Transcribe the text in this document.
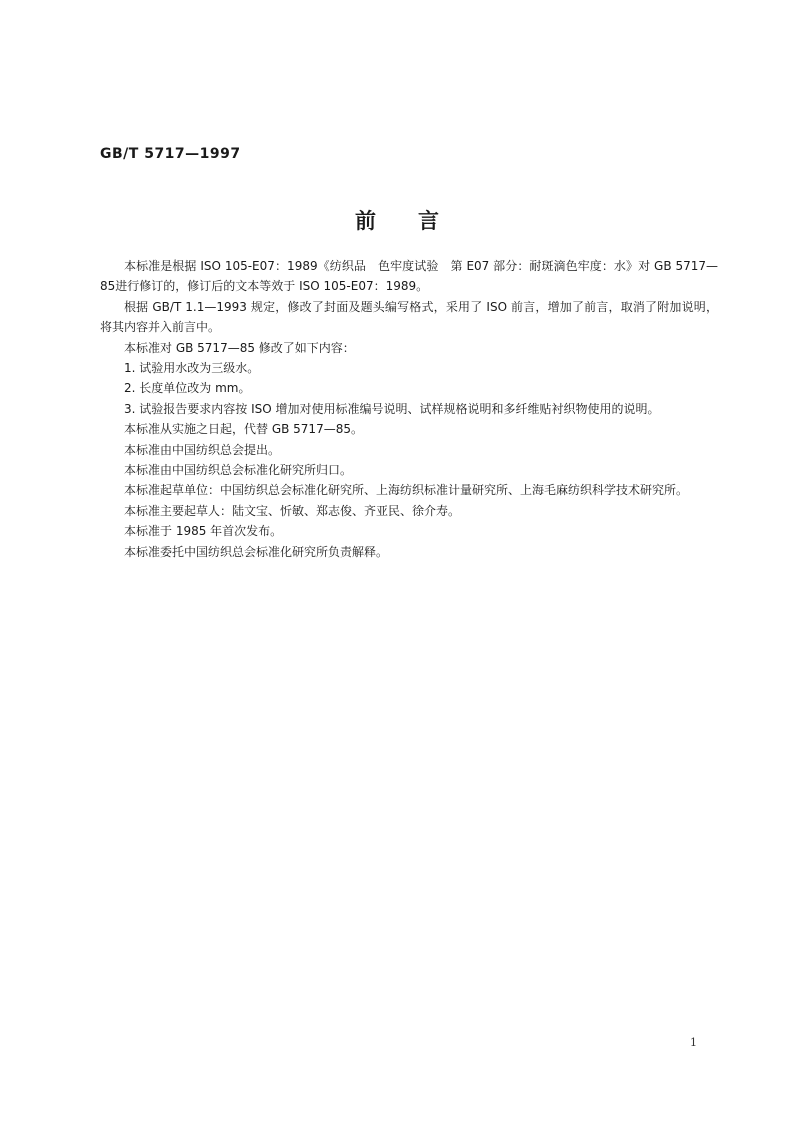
GB/T 5717—1997
前言

本标准是根据 ISO 105-E07：1989《纺织品　色牢度试验　第 E07 部分：耐斑滴色牢度：水》对 GB 5717—85进行修订的，修订后的文本等效于 ISO 105-E07：1989。

根据 GB/T 1.1—1993 规定，修改了封面及题头编写格式，采用了 ISO 前言，增加了前言，取消了附加说明，将其内容并入前言中。

本标准对 GB 5717—85 修改了如下内容：

1. 试验用水改为三级水。

2. 长度单位改为 mm。

3. 试验报告要求内容按 ISO 增加对使用标准编号说明、试样规格说明和多纤维贴衬织物使用的说明。

本标准从实施之日起，代替 GB 5717—85。

本标准由中国纺织总会提出。

本标准由中国纺织总会标准化研究所归口。

本标准起草单位：中国纺织总会标准化研究所、上海纺织标准计量研究所、上海毛麻纺织科学技术研究所。

本标准主要起草人：陆文宝、忻敏、郑志俊、齐亚民、徐介寿。

本标准于 1985 年首次发布。

本标准委托中国纺织总会标准化研究所负责解释。

1
